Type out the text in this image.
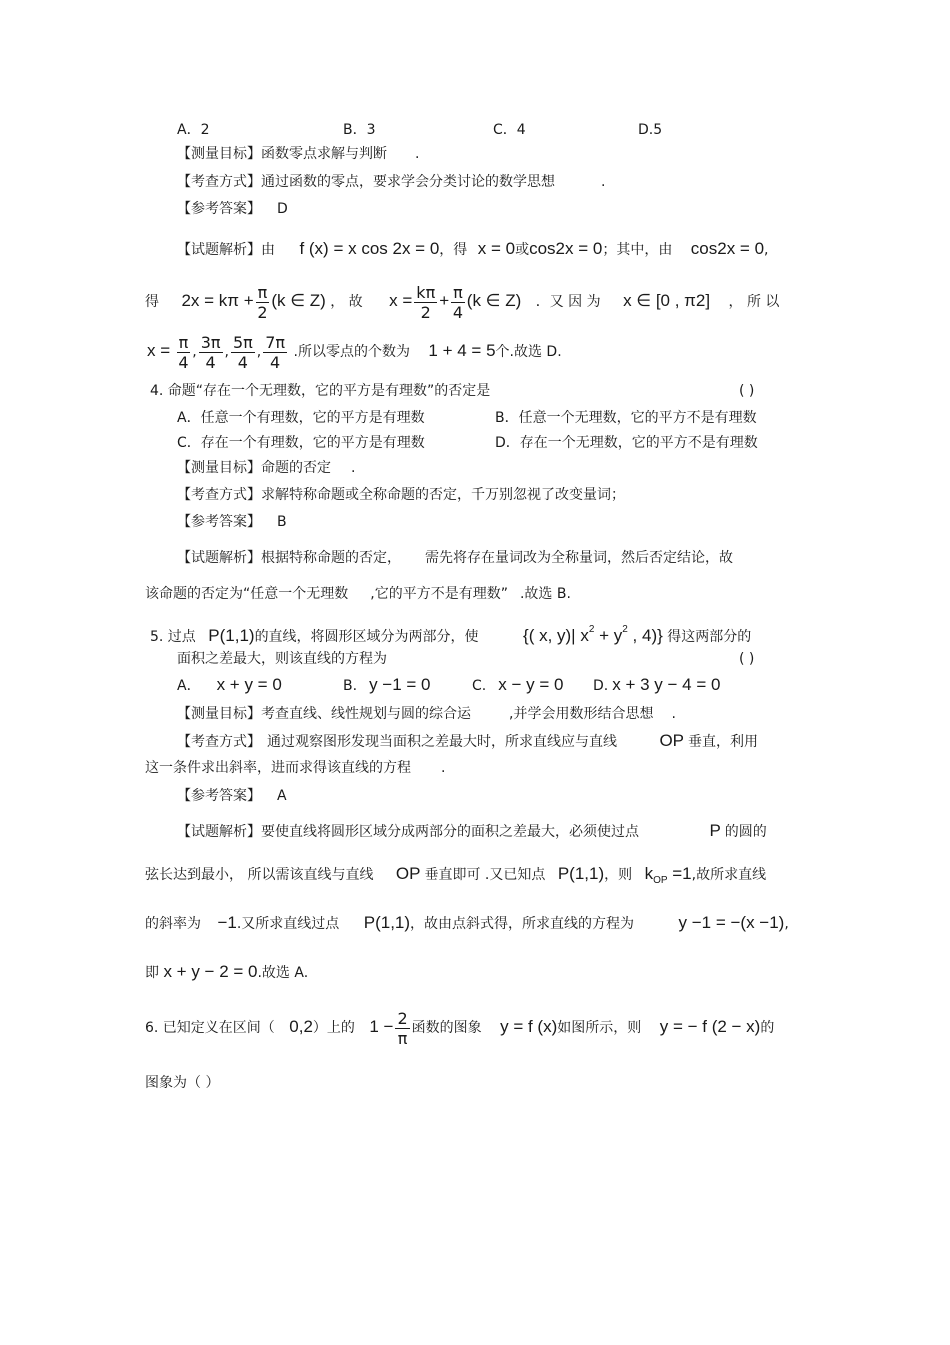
A．2	B．3	C．4	D.5
【测量目标】函数零点求解与判断 .
【考查方式】通过函数的零点，要求学会分类讨论的数学思想	.
【参考答案】 D
【试题解析】由 f (x) = x cos 2x = 0，得 x = 0或cos2x = 0；其中，由 cos2x = 0,
得 $2x = k\pi + \frac{\pi}{2} (k$ ∈ Z) ， 故 $x = \frac{k\pi}{2} + \frac{\pi}{4} (k$ ∈ Z) ．又 因 为 x ∈ [0 , π2] ， 所 以
$x = \frac{\pi}{4}$ , $\frac{3\pi}{4}$ , $\frac{5\pi}{4}$ , $\frac{7\pi}{4}$ .所以零点的个数为 1 + 4 = 5个.故选 D.
4. 命题“存在一个无理数，它的平方是有理数”的否定是	( )
A．任意一个有理数，它的平方是有理数	B．任意一个无理数，它的平方不是有理数
C．存在一个有理数，它的平方是有理数	D．存在一个无理数，它的平方不是有理数
【测量目标】命题的否定 .
【考查方式】求解特称命题或全称命题的否定，千万别忽视了改变量词；
【参考答案】 B
【试题解析】根据特称命题的否定， 需先将存在量词改为全称量词，然后否定结论，故
该命题的否定为“任意一个无理数 ,它的平方不是有理数” .故选 B.
5. 过点 P(1,1)的直线，将圆形区域分为两部分，使	{( x, y)| $x^2 + y^2$ , 4)} 得这两部分的
面积之差最大，则该直线的方程为	( )
A． x + y = 0	B. y −1 = 0	C. x − y = 0 D. x + 3 y − 4 = 0
【测量目标】考查直线、线性规划与圆的综合运	,并学会用数形结合思想 .
【考查方式】 通过观察图形发现当面积之差最大时，所求直线应与直线 OP 垂直，利用
这一条件求出斜率，进而求得该直线的方程 .
【参考答案】 A
【试题解析】要使直线将圆形区域分成两部分的面积之差最大，必须使过点	P 的圆的
弦长达到最小， 所以需该直线与直线 OP 垂直即可 .又已知点 P(1,1)，则 $k_{OP} =1$,故所求直线
的斜率为 −1.又所求直线过点 P(1,1)，故由点斜式得，所求直线的方程为	y −1 = −(x −1),
即 x + y − 2 = 0.故选 A.
6. 已知定义在区间（ 0,2）上的 $1 - \frac{2}{\pi}$ 函数的图象 y = f (x)如图所示，则 y = − f (2 − x)的
图象为（ ）
